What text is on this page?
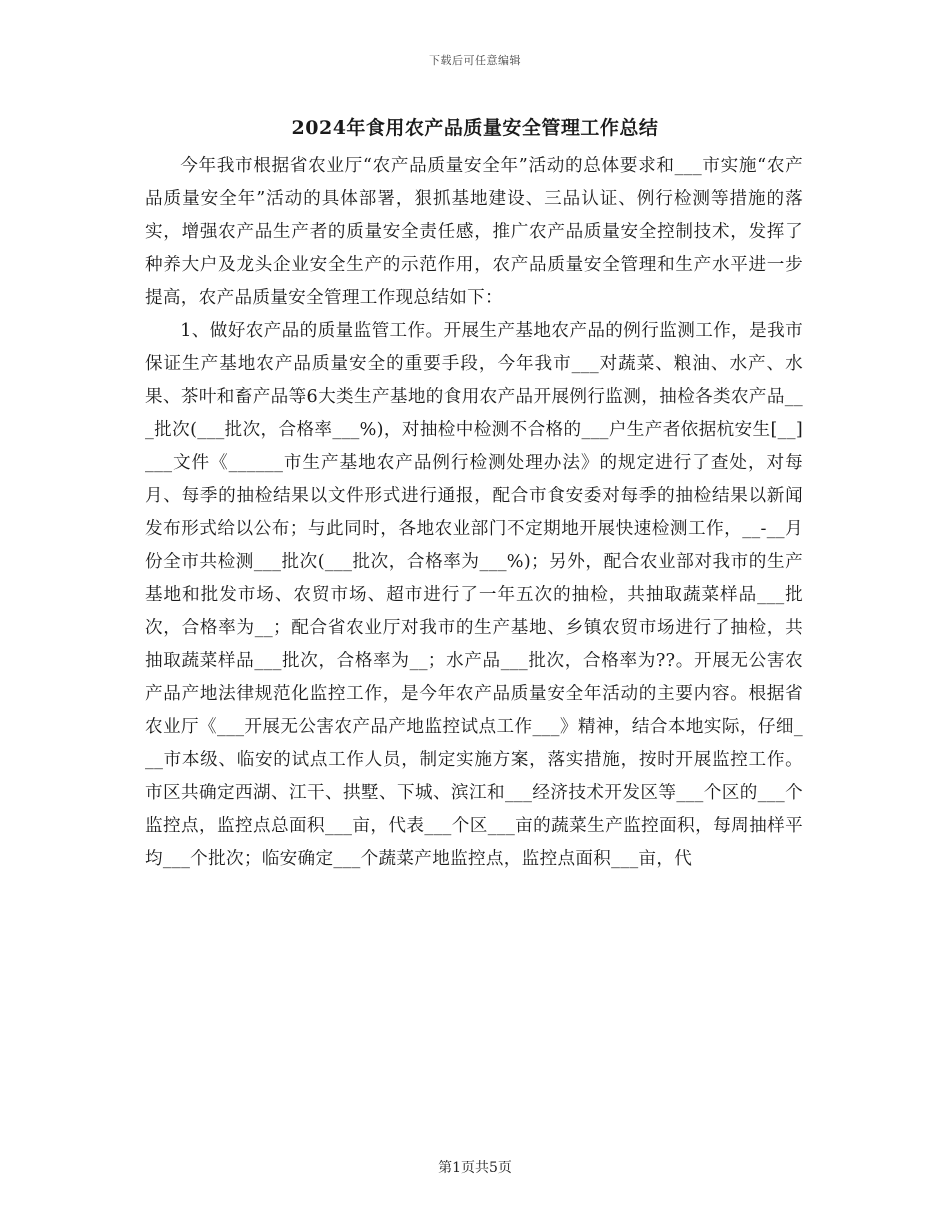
下载后可任意编辑
2024年食用农产品质量安全管理工作总结

今年我市根据省农业厅“农产品质量安全年”活动的总体要求和___市实施“农产品质量安全年”活动的具体部署，狠抓基地建设、三品认证、例行检测等措施的落实，增强农产品生产者的质量安全责任感，推广农产品质量安全控制技术，发挥了种养大户及龙头企业安全生产的示范作用，农产品质量安全管理和生产水平进一步提高，农产品质量安全管理工作现总结如下：

1、做好农产品的质量监管工作。开展生产基地农产品的例行监测工作，是我市保证生产基地农产品质量安全的重要手段，今年我市___对蔬菜、粮油、水产、水果、茶叶和畜产品等6大类生产基地的食用农产品开展例行监测，抽检各类农产品___批次(___批次，合格率___%)，对抽检中检测不合格的___户生产者依据杭安生[__]___文件《______市生产基地农产品例行检测处理办法》的规定进行了查处，对每月、每季的抽检结果以文件形式进行通报，配合市食安委对每季的抽检结果以新闻发布形式给以公布；与此同时，各地农业部门不定期地开展快速检测工作，__-__月份全市共检测___批次(___批次，合格率为___%)；另外，配合农业部对我市的生产基地和批发市场、农贸市场、超市进行了一年五次的抽检，共抽取蔬菜样品___批次，合格率为__；配合省农业厅对我市的生产基地、乡镇农贸市场进行了抽检，共抽取蔬菜样品___批次，合格率为__；水产品___批次，合格率为??。开展无公害农产品产地法律规范化监控工作，是今年农产品质量安全年活动的主要内容。根据省农业厅《___开展无公害农产品产地监控试点工作___》精神，结合本地实际，仔细___市本级、临安的试点工作人员，制定实施方案，落实措施，按时开展监控工作。市区共确定西湖、江干、拱墅、下城、滨江和___经济技术开发区等___个区的___个监控点，监控点总面积___亩，代表___个区___亩的蔬菜生产监控面积，每周抽样平均___个批次；临安确定___个蔬菜产地监控点，监控点面积___亩，代

第1页共5页
